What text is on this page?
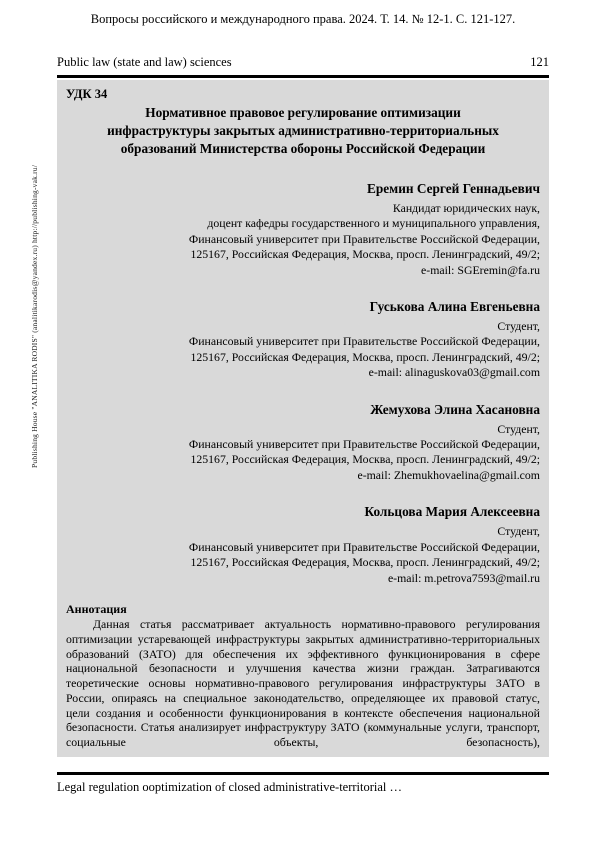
Publishing House "ANALITIKA RODIS" (analitikarodis@yandex.ru) http://publishing-vak.ru/
Вопросы российского и международного права. 2024. Т. 14. № 12-1. С. 121-127.
Public law (state and law) sciences	121
УДК 34
Нормативное правовое регулирование оптимизации
инфраструктуры закрытых административно-территориальных
образований Министерства обороны Российской Федерации
Еремин Сергей Геннадьевич
Кандидат юридических наук,
доцент кафедры государственного и муниципального управления,
Финансовый университет при Правительстве Российской Федерации,
125167, Российская Федерация, Москва, просп. Ленинградский, 49/2;
e-mail: SGEremin@fa.ru
Гуськова Алина Евгеньевна
Студент,
Финансовый университет при Правительстве Российской Федерации,
125167, Российская Федерация, Москва, просп. Ленинградский, 49/2;
e-mail: alinaguskova03@gmail.com
Жемухова Элина Хасановна
Студент,
Финансовый университет при Правительстве Российской Федерации,
125167, Российская Федерация, Москва, просп. Ленинградский, 49/2;
e-mail: Zhemukhovaelina@gmail.com
Кольцова Мария Алексеевна
Студент,
Финансовый университет при Правительстве Российской Федерации,
125167, Российская Федерация, Москва, просп. Ленинградский, 49/2;
e-mail: m.petrova7593@mail.ru
Аннотация
Данная статья рассматривает актуальность нормативно-правового регулирования оптимизации устаревающей инфраструктуры закрытых административно-территориальных образований (ЗАТО) для обеспечения их эффективного функционирования в сфере национальной безопасности и улучшения качества жизни граждан. Затрагиваются теоретические основы нормативно-правового регулирования инфраструктуры ЗАТО в России, опираясь на специальное законодательство, определяющее их правовой статус, цели создания и особенности функционирования в контексте обеспечения национальной безопасности. Статья анализирует инфраструктуру ЗАТО (коммунальные услуги, транспорт, социальные объекты, безопасность),
Legal regulation ooptimization of closed administrative-territorial …
